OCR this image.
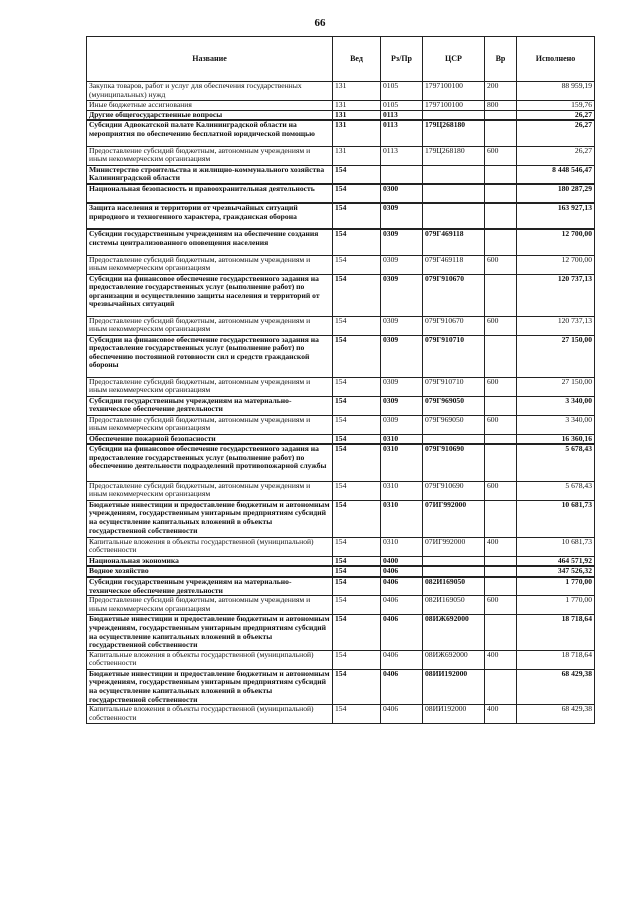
66
Название	Вед	Рз/Пр	ЦСР	Вр	Исполнено
Закупка товаров, работ и услуг для обеспечения государственных (муниципальных) нужд	131	0105	1797100100	200	88 959,19
Иные бюджетные ассигнования	131	0105	1797100100	800	159,76
Другие общегосударственные вопросы	131	0113			26,27
Субсидии Адвокатской палате Калининградской области на мероприятия по обеспечению бесплатной юридической помощью	131	0113	179Ц268180		26,27
Предоставление субсидий бюджетным, автономным учреждениям и иным некоммерческим организациям	131	0113	179Ц268180	600	26,27
Министерство строительства и жилищно-коммунального хозяйства Калининградской области	154				8 448 546,47
Национальная безопасность и правоохранительная деятельность	154	0300			180 287,29
Защита населения и территории от чрезвычайных ситуаций природного и техногенного характера, гражданская оборона	154	0309			163 927,13
Субсидии государственным учреждениям на обеспечение создания системы централизованного оповещения населения	154	0309	079Г469118		12 700,00
Предоставление субсидий бюджетным, автономным учреждениям и иным некоммерческим организациям	154	0309	079Г469118	600	12 700,00
Субсидии на финансовое обеспечение государственного задания на предоставление государственных услуг (выполнение работ) по организации и осуществлению защиты населения и территорий от чрезвычайных ситуаций	154	0309	079Г910670		120 737,13
Предоставление субсидий бюджетным, автономным учреждениям и иным некоммерческим организациям	154	0309	079Г910670	600	120 737,13
Субсидии на финансовое обеспечение государственного задания на предоставление государственных услуг (выполнение работ) по обеспечению постоянной готовности сил и средств гражданской обороны	154	0309	079Г910710		27 150,00
Предоставление субсидий бюджетным, автономным учреждениям и иным некоммерческим организациям	154	0309	079Г910710	600	27 150,00
Субсидии государственным учреждениям на материально-техническое обеспечение деятельности	154	0309	079Г969050		3 340,00
Предоставление субсидий бюджетным, автономным учреждениям и иным некоммерческим организациям	154	0309	079Г969050	600	3 340,00
Обеспечение пожарной безопасности	154	0310			16 360,16
Субсидии на финансовое обеспечение государственного задания на предоставление государственных услуг (выполнение работ) по обеспечению деятельности подразделений противопожарной службы	154	0310	079Г910690		5 678,43
Предоставление субсидий бюджетным, автономным учреждениям и иным некоммерческим организациям	154	0310	079Г910690	600	5 678,43
Бюджетные инвестиции и предоставление бюджетным и автономным учреждениям, государственным унитарным предприятиям субсидий на осуществление капитальных вложений в объекты государственной собственности	154	0310	07ИГ992000		10 681,73
Капитальные вложения в объекты государственной (муниципальной) собственности	154	0310	07ИГ992000	400	10 681,73
Национальная экономика	154	0400			464 571,92
Водное хозяйство	154	0406			347 526,32
Субсидии государственным учреждениям на материально-техническое обеспечение деятельности	154	0406	082И169050		1 770,00
Предоставление субсидий бюджетным, автономным учреждениям и иным некоммерческим организациям	154	0406	082И169050	600	1 770,00
Бюджетные инвестиции и предоставление бюджетным и автономным учреждениям, государственным унитарным предприятиям субсидий на осуществление капитальных вложений в объекты государственной собственности	154	0406	08ИЖ692000		18 718,64
Капитальные вложения в объекты государственной (муниципальной) собственности	154	0406	08ИЖ692000	400	18 718,64
Бюджетные инвестиции и предоставление бюджетным и автономным учреждениям, государственным унитарным предприятиям субсидий на осуществление капитальных вложений в объекты государственной собственности	154	0406	08ИИ192000		68 429,38
Капитальные вложения в объекты государственной (муниципальной) собственности	154	0406	08ИИ192000	400	68 429,38
